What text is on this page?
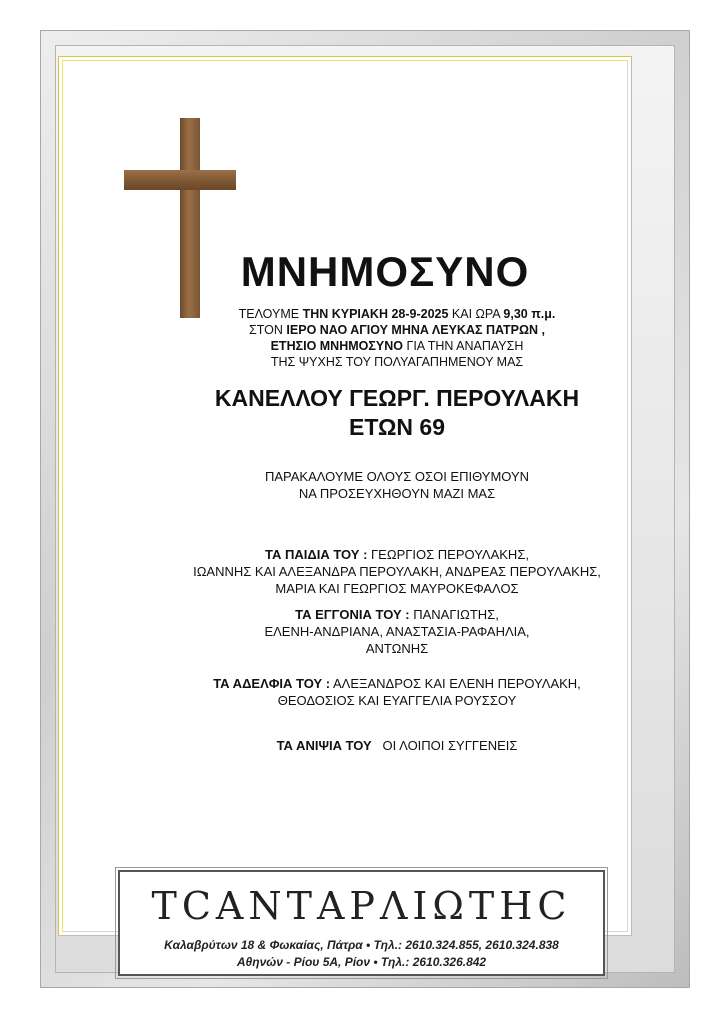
ΜΝΗΜΟΣΥΝΟ
ΤΕΛΟΥΜΕ ΤΗΝ ΚΥΡΙΑΚΗ 28-9-2025 ΚΑΙ ΩΡΑ 9,30 π.μ.
ΣΤΟΝ ΙΕΡΟ ΝΑΟ ΑΓΙΟΥ ΜΗΝΑ ΛΕΥΚΑΣ ΠΑΤΡΩΝ ,
ΕΤΗΣΙΟ ΜΝΗΜΟΣΥΝΟ ΓΙΑ ΤΗΝ ΑΝΑΠΑΥΣΗ
ΤΗΣ ΨΥΧΗΣ ΤΟΥ ΠΟΛΥΑΓΑΠΗΜΕΝΟΥ ΜΑΣ
ΚΑΝΕΛΛΟΥ ΓΕΩΡΓ. ΠΕΡΟΥΛΑΚΗ
ΕΤΩΝ 69
ΠΑΡΑΚΑΛΟΥΜΕ ΟΛΟΥΣ ΟΣΟΙ ΕΠΙΘΥΜΟΥΝ
ΝΑ ΠΡΟΣΕΥΧΗΘΟΥΝ ΜΑΖΙ ΜΑΣ
ΤΑ ΠΑΙΔΙΑ ΤΟΥ : ΓΕΩΡΓΙΟΣ ΠΕΡΟΥΛΑΚΗΣ,
ΙΩΑΝΝΗΣ ΚΑΙ ΑΛΕΞΑΝΔΡΑ ΠΕΡΟΥΛΑΚΗ, ΑΝΔΡΕΑΣ ΠΕΡΟΥΛΑΚΗΣ,
ΜΑΡΙΑ ΚΑΙ ΓΕΩΡΓΙΟΣ ΜΑΥΡΟΚΕΦΑΛΟΣ
ΤΑ ΕΓΓΟΝΙΑ ΤΟΥ : ΠΑΝΑΓΙΩΤΗΣ,
ΕΛΕΝΗ-ΑΝΔΡΙΑΝΑ, ΑΝΑΣΤΑΣΙΑ-ΡΑΦΑΗΛΙΑ,
ΑΝΤΩΝΗΣ
ΤΑ ΑΔΕΛΦΙΑ ΤΟΥ : ΑΛΕΞΑΝΔΡΟΣ ΚΑΙ ΕΛΕΝΗ ΠΕΡΟΥΛΑΚΗ,
ΘΕΟΔΟΣΙΟΣ ΚΑΙ ΕΥΑΓΓΕΛΙΑ ΡΟΥΣΣΟΥ
ΤΑ ΑΝΙΨΙΑ ΤΟΥ   ΟΙ ΛΟΙΠΟΙ ΣΥΓΓΕΝΕΙΣ
ΤCΑΝΤΑΡΛΙΩΤΗC
Καλαβρύτων 18 & Φωκαίας, Πάτρα • Τηλ.: 2610.324.855, 2610.324.838
Αθηνών - Ρίου 5Α, Ρίον • Τηλ.: 2610.326.842
